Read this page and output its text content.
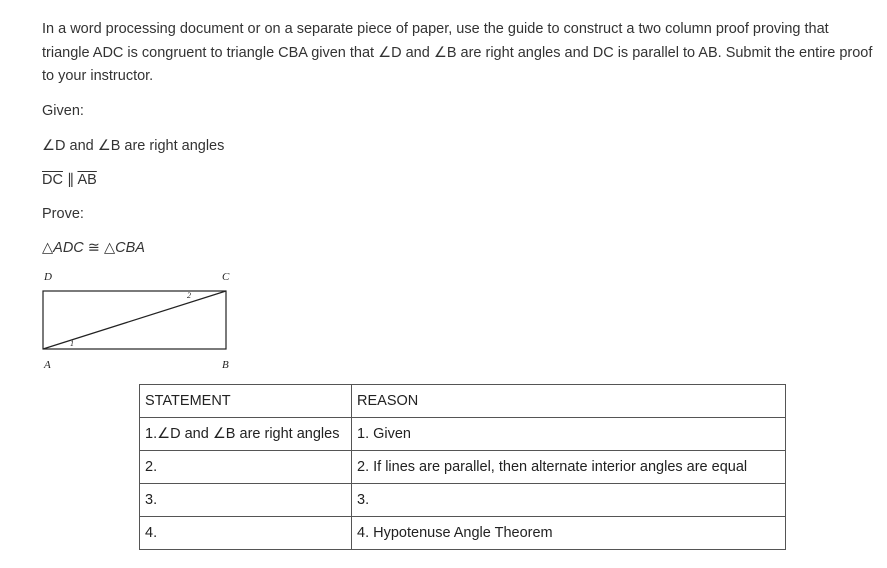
In a word processing document or on a separate piece of paper, use the guide to construct a two column proof proving that triangle ADC is congruent to triangle CBA given that ∠D and ∠B are right angles and DC is parallel to AB. Submit the entire proof to your instructor.

Given:

∠D and ∠B are right angles

$\overline{DC}$ ∥ $\overline{AB}$

Prove:

△ADC ≅ △CBA

D	C
A	B
1
2
STATEMENT	REASON
1.∠D and ∠B are right angles	1. Given
2.	2. If lines are parallel, then alternate interior angles are equal
3.	3.
4.	4. Hypotenuse Angle Theorem
